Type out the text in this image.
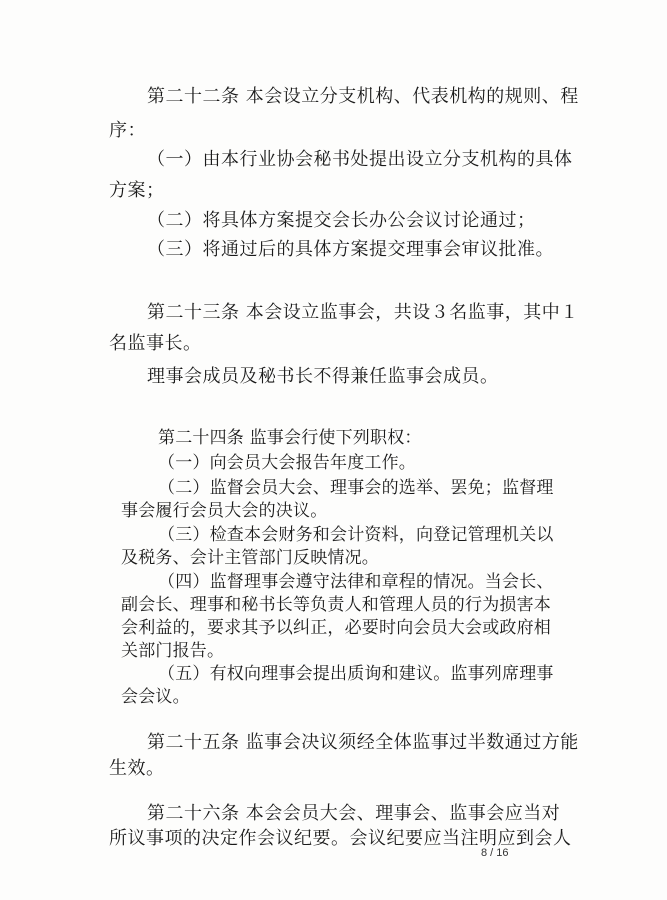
第二十二条 本会设立分支机构、代表机构的规则、程
序：
（一）由本行业协会秘书处提出设立分支机构的具体
方案；
（二）将具体方案提交会长办公会议讨论通过；
（三）将通过后的具体方案提交理事会审议批准。
第二十三条 本会设立监事会，共设３名监事，其中１
名监事长。
理事会成员及秘书长不得兼任监事会成员。
第二十四条 监事会行使下列职权：
（一）向会员大会报告年度工作。
（二）监督会员大会、理事会的选举、罢免；监督理
事会履行会员大会的决议。
（三）检查本会财务和会计资料，向登记管理机关以
及税务、会计主管部门反映情况。
（四）监督理事会遵守法律和章程的情况。当会长、
副会长、理事和秘书长等负责人和管理人员的行为损害本
会利益的，要求其予以纠正，必要时向会员大会或政府相
关部门报告。
（五）有权向理事会提出质询和建议。监事列席理事
会会议。
第二十五条 监事会决议须经全体监事过半数通过方能
生效。
第二十六条 本会会员大会、理事会、监事会应当对
所议事项的决定作会议纪要。会议纪要应当注明应到会人
8 / 16
